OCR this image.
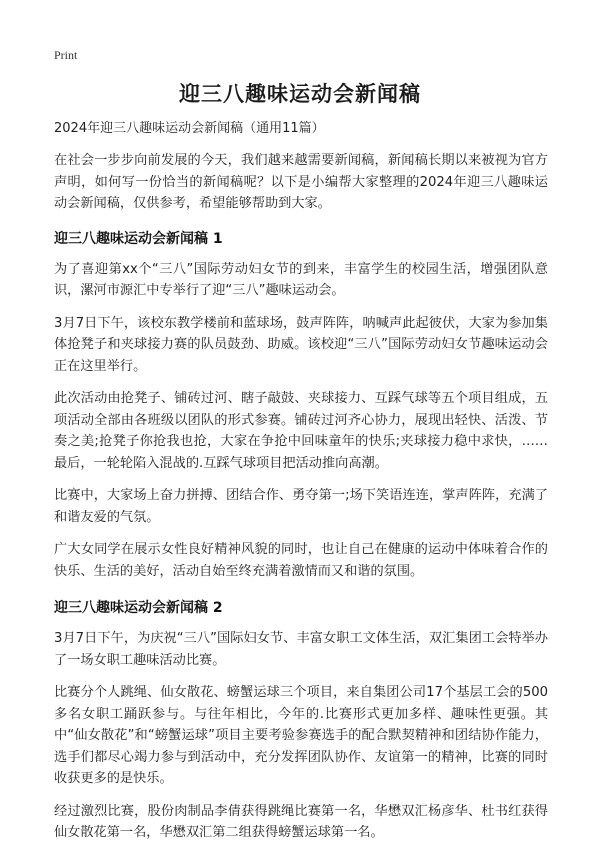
Print
迎三八趣味运动会新闻稿
2024年迎三八趣味运动会新闻稿（通用11篇）

在社会一步步向前发展的今天，我们越来越需要新闻稿，新闻稿长期以来被视为官方声明，如何写一份恰当的新闻稿呢？以下是小编帮大家整理的2024年迎三八趣味运动会新闻稿，仅供参考，希望能够帮助到大家。

迎三八趣味运动会新闻稿 1

为了喜迎第xx个“三八”国际劳动妇女节的到来，丰富学生的校园生活，增强团队意识，漯河市源汇中专举行了迎“三八”趣味运动会。

3月7日下午，该校东教学楼前和蓝球场，鼓声阵阵，呐喊声此起彼伏，大家为参加集体抢凳子和夹球接力赛的队员鼓劲、助威。该校迎“三八”国际劳动妇女节趣味运动会正在这里举行。

此次活动由抢凳子、铺砖过河、瞎子敲鼓、夹球接力、互踩气球等五个项目组成，五项活动全部由各班级以团队的形式参赛。铺砖过河齐心协力，展现出轻快、活泼、节奏之美;抢凳子你抢我也抢，大家在争抢中回味童年的快乐;夹球接力稳中求快，……最后，一轮轮陷入混战的.互踩气球项目把活动推向高潮。

比赛中，大家场上奋力拼搏、团结合作、勇夺第一;场下笑语连连，掌声阵阵，充满了和谐友爱的气氛。

广大女同学在展示女性良好精神风貌的同时，也让自己在健康的运动中体味着合作的快乐、生活的美好，活动自始至终充满着激情而又和谐的氛围。

迎三八趣味运动会新闻稿 2

3月7日下午，为庆祝“三八”国际妇女节、丰富女职工文体生活，双汇集团工会特举办了一场女职工趣味活动比赛。

比赛分个人跳绳、仙女散花、螃蟹运球三个项目，来自集团公司17个基层工会的500多名女职工踊跃参与。与往年相比，今年的.比赛形式更加多样、趣味性更强。其中“仙女散花”和“螃蟹运球”项目主要考验参赛选手的配合默契精神和团结协作能力，选手们都尽心竭力参与到活动中，充分发挥团队协作、友谊第一的精神，比赛的同时收获更多的是快乐。

经过激烈比赛，股份肉制品李倩获得跳绳比赛第一名，华懋双汇杨彦华、杜书红获得仙女散花第一名，华懋双汇第二组获得螃蟹运球第一名。
